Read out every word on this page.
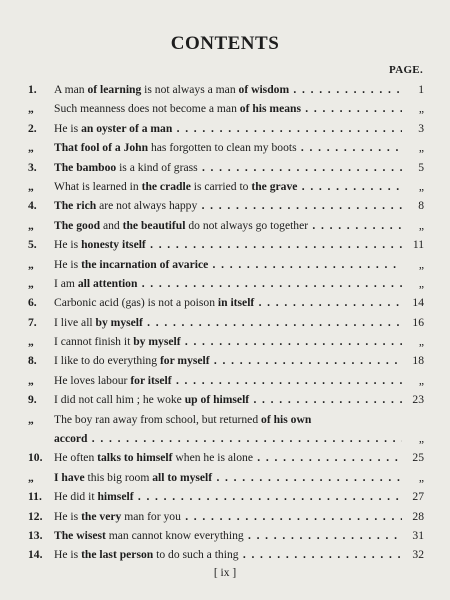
CONTENTS
PAGE.
1.	A man of learning is not always a man of wisdom . . .	1
„	Such meanness does not become a man of his means . . .	„
2.	He is an oyster of a man . . .	3
„	That fool of a John has forgotten to clean my boots . . .	„
3.	The bamboo is a kind of grass . . .	5
„	What is learned in the cradle is carried to the grave . . .	„
4.	The rich are not always happy . . .	8
„	The good and the beautiful do not always go together . . .	„
5.	He is honesty itself . . .	11
„	He is the incarnation of avarice . . .	„
„	I am all attention . . .	„
6.	Carbonic acid (gas) is not a poison in itself . . .	14
7.	I live all by myself . . .	16
„	I cannot finish it by myself . . .	„
8.	I like to do everything for myself . . .	18
„	He loves labour for itself . . .	„
9.	I did not call him ; he woke up of himself . . .	23
„	The boy ran away from school, but returned of his own
accord . . .	„
10. He often talks to himself when he is alone . . .	25
„	I have this big room all to myself . . .	„
11.	He did it himself . . .	27
12. He is the very man for you . . .	28
13. The wisest man cannot know everything . . .	31
14. He is the last person to do such a thing . . .	32
[ ix ]
